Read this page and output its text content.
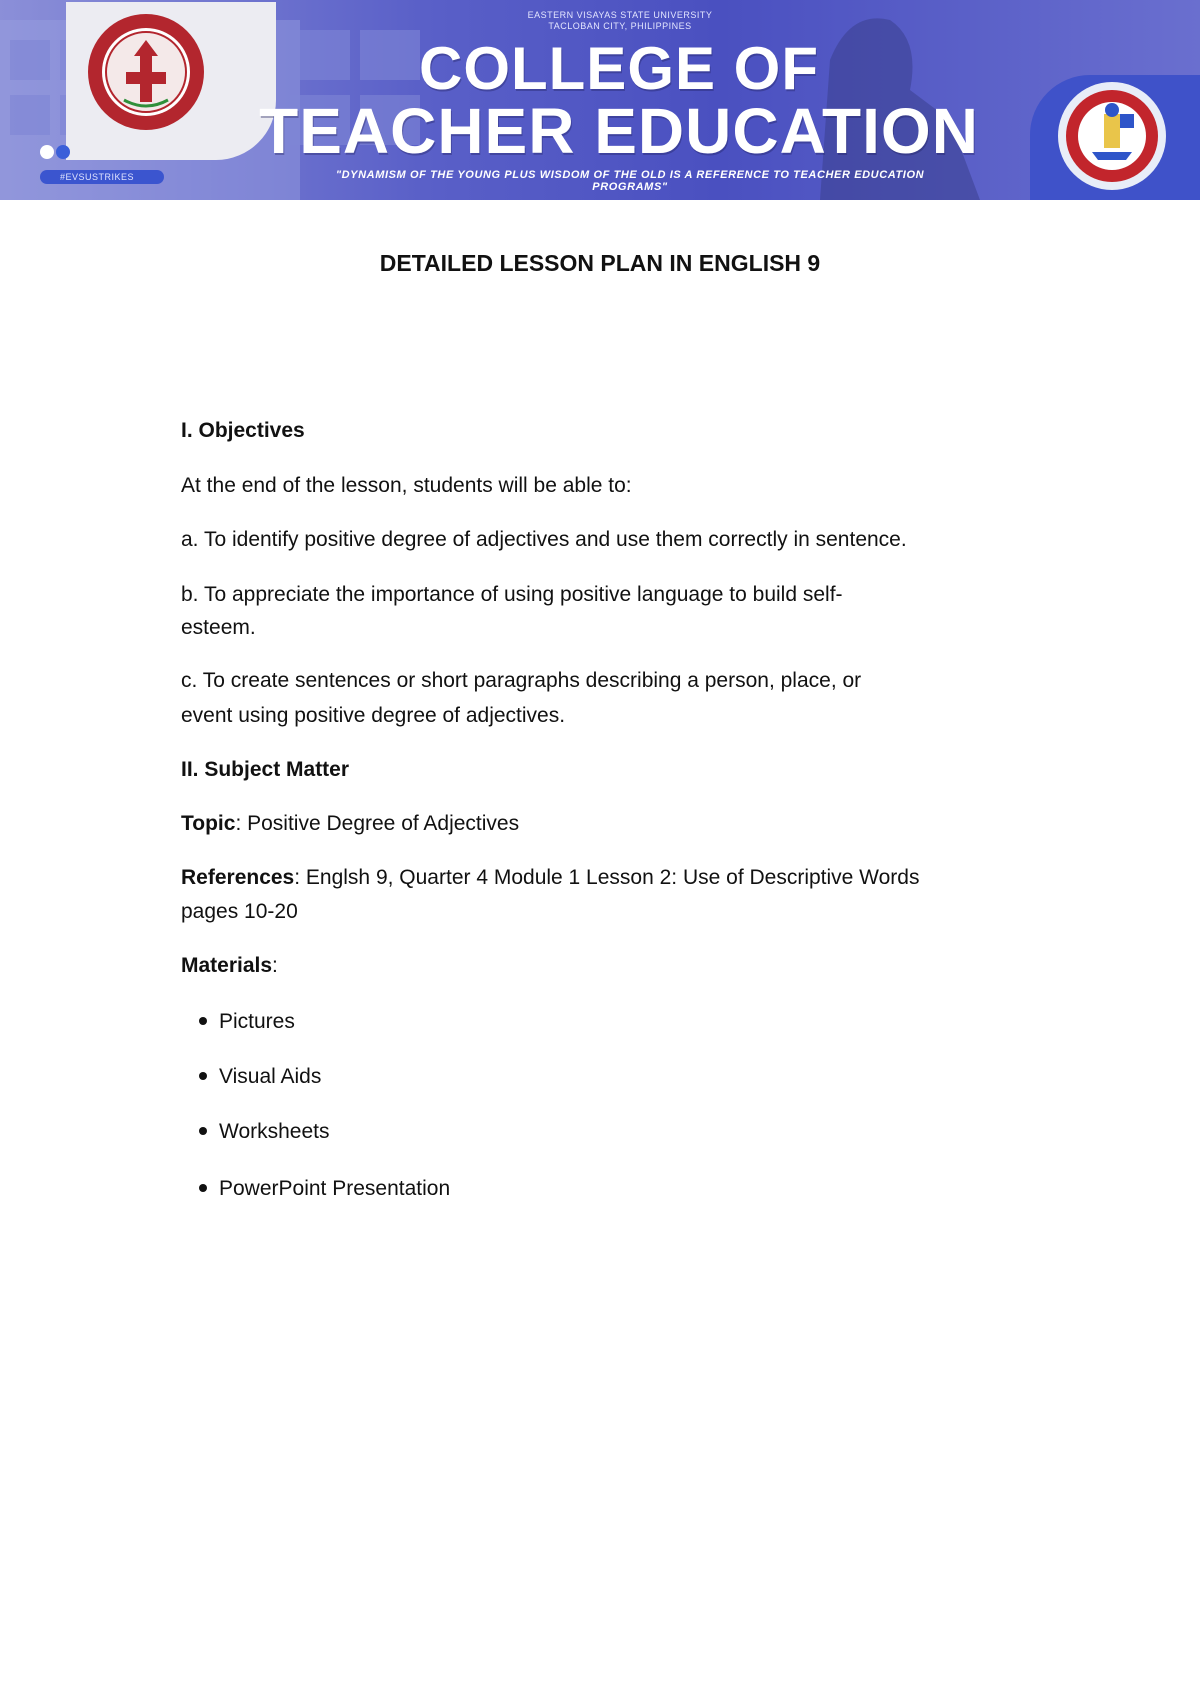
#EVSUSTRIKES
EASTERN VISAYAS STATE UNIVERSITY
TACLOBAN CITY, PHILIPPINES
COLLEGE OF
TEACHER EDUCATION
"DYNAMISM OF THE YOUNG PLUS WISDOM OF THE OLD IS A REFERENCE TO TEACHER EDUCATION PROGRAMS"
DETAILED LESSON PLAN IN ENGLISH 9
I. Objectives
At the end of the lesson, students will be able to:
a. To identify positive degree of adjectives and use them correctly in sentence.
b. To appreciate the importance of using positive language to build self-
esteem.
c. To create sentences or short paragraphs describing a person, place, or
event using positive degree of adjectives.
II. Subject Matter
Topic: Positive Degree of Adjectives
References: Englsh 9, Quarter 4 Module 1 Lesson 2: Use of Descriptive Words
pages 10-20
Materials:
Pictures
Visual Aids
Worksheets
PowerPoint Presentation
